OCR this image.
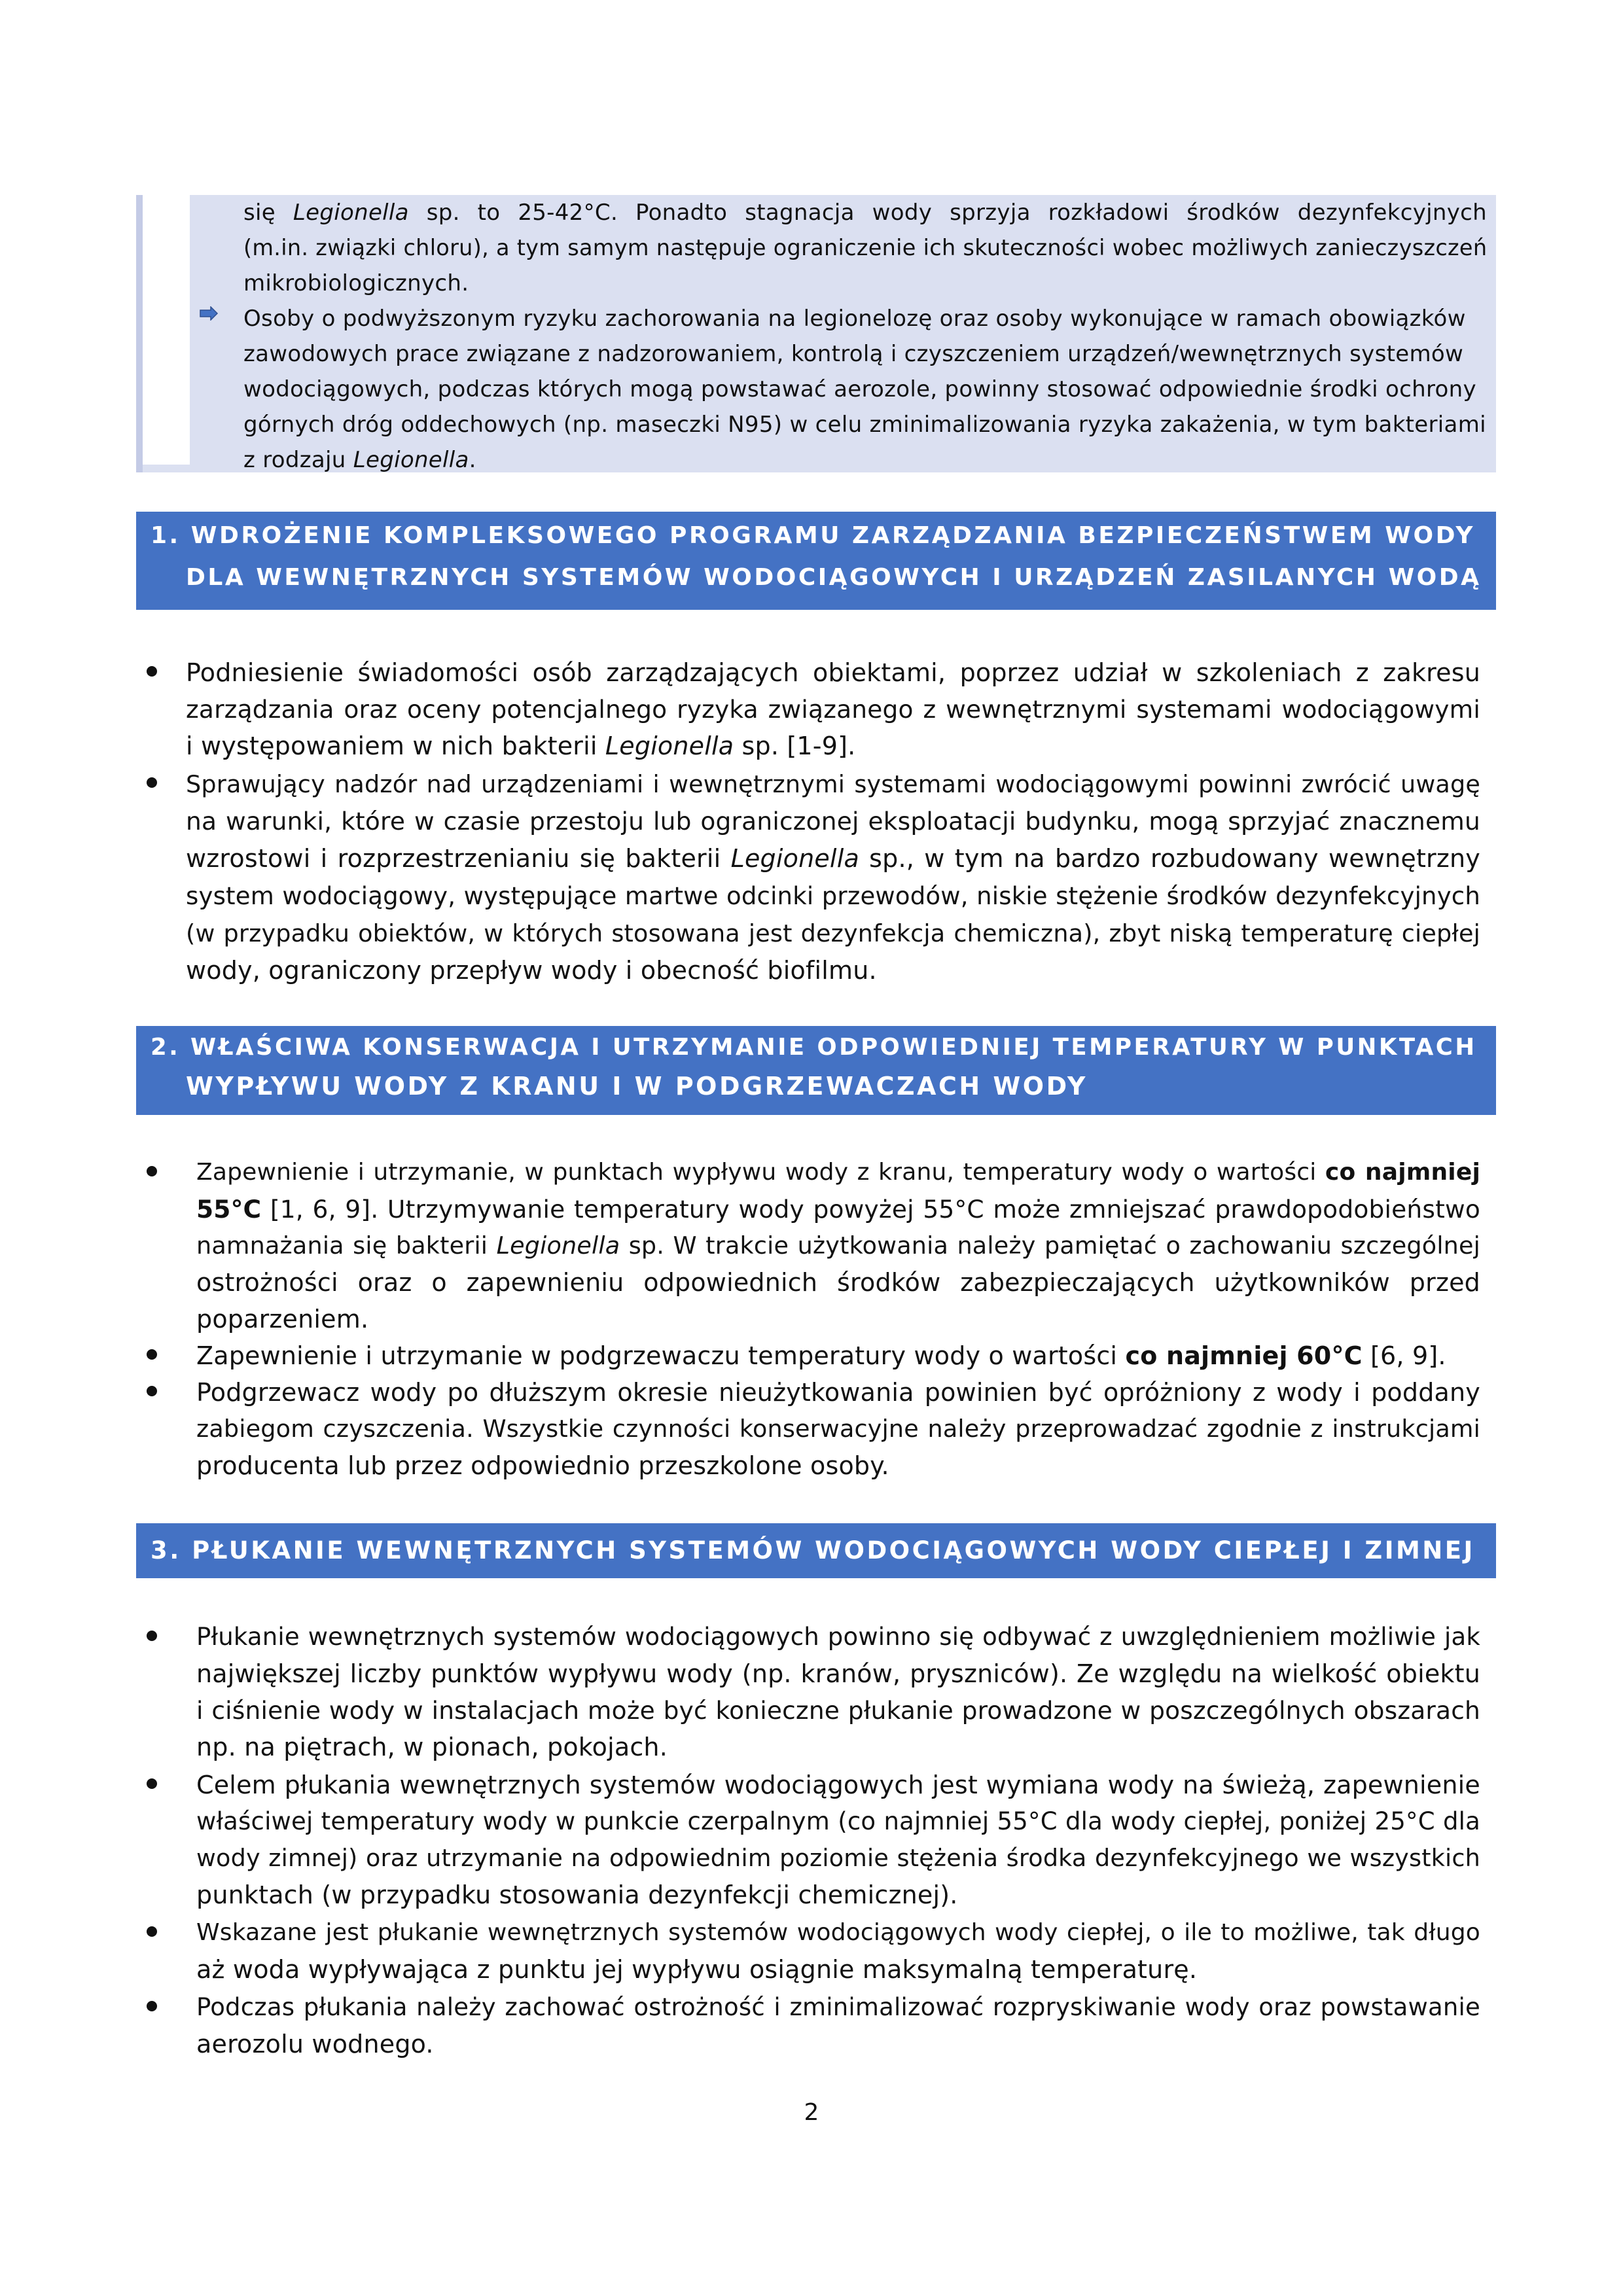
się Legionella sp. to 25-42°C. Ponadto stagnacja wody sprzyja rozkładowi środków dezynfekcyjnych

(m.in. związki chloru), a tym samym następuje ograniczenie ich skuteczności wobec możliwych zanieczyszczeń

mikrobiologicznych.

Osoby o podwyższonym ryzyku zachorowania na legionelozę oraz osoby wykonujące w ramach obowiązków

zawodowych prace związane z nadzorowaniem, kontrolą i czyszczeniem urządzeń/wewnętrznych systemów

wodociągowych, podczas których mogą powstawać aerozole, powinny stosować odpowiednie środki ochrony

górnych dróg oddechowych (np. maseczki N95) w celu zminimalizowania ryzyka zakażenia, w tym bakteriami

z rodzaju Legionella.

1. WDROŻENIE KOMPLEKSOWEGO PROGRAMU ZARZĄDZANIA BEZPIECZEŃSTWEM WODY
DLA WEWNĘTRZNYCH SYSTEMÓW WODOCIĄGOWYCH I URZĄDZEŃ ZASILANYCH WODĄ
Podniesienie świadomości osób zarządzających obiektami, poprzez udział w szkoleniach z zakresu
zarządzania oraz oceny potencjalnego ryzyka związanego z wewnętrznymi systemami wodociągowymi
i występowaniem w nich bakterii Legionella sp. [1-9].
Sprawujący nadzór nad urządzeniami i wewnętrznymi systemami wodociągowymi powinni zwrócić uwagę
na warunki, które w czasie przestoju lub ograniczonej eksploatacji budynku, mogą sprzyjać znacznemu
wzrostowi i rozprzestrzenianiu się bakterii Legionella sp., w tym na bardzo rozbudowany wewnętrzny
system wodociągowy, występujące martwe odcinki przewodów, niskie stężenie środków dezynfekcyjnych
(w przypadku obiektów, w których stosowana jest dezynfekcja chemiczna), zbyt niską temperaturę ciepłej
wody, ograniczony przepływ wody i obecność biofilmu.
2. WŁAŚCIWA KONSERWACJA I UTRZYMANIE ODPOWIEDNIEJ TEMPERATURY W PUNKTACH
WYPŁYWU WODY Z KRANU I W PODGRZEWACZACH WODY
Zapewnienie i utrzymanie, w punktach wypływu wody z kranu, temperatury wody o wartości co najmniej
55°C [1, 6, 9]. Utrzymywanie temperatury wody powyżej 55°C może zmniejszać prawdopodobieństwo
namnażania się bakterii Legionella sp. W trakcie użytkowania należy pamiętać o zachowaniu szczególnej
ostrożności oraz o zapewnieniu odpowiednich środków zabezpieczających użytkowników przed
poparzeniem.
Zapewnienie i utrzymanie w podgrzewaczu temperatury wody o wartości co najmniej 60°C [6, 9].
Podgrzewacz wody po dłuższym okresie nieużytkowania powinien być opróżniony z wody i poddany
zabiegom czyszczenia. Wszystkie czynności konserwacyjne należy przeprowadzać zgodnie z instrukcjami
producenta lub przez odpowiednio przeszkolone osoby.
3. PŁUKANIE WEWNĘTRZNYCH SYSTEMÓW WODOCIĄGOWYCH WODY CIEPŁEJ I ZIMNEJ
Płukanie wewnętrznych systemów wodociągowych powinno się odbywać z uwzględnieniem możliwie jak
największej liczby punktów wypływu wody (np. kranów, pryszniców). Ze względu na wielkość obiektu
i ciśnienie wody w instalacjach może być konieczne płukanie prowadzone w poszczególnych obszarach
np. na piętrach, w pionach, pokojach.
Celem płukania wewnętrznych systemów wodociągowych jest wymiana wody na świeżą, zapewnienie
właściwej temperatury wody w punkcie czerpalnym (co najmniej 55°C dla wody ciepłej, poniżej 25°C dla
wody zimnej) oraz utrzymanie na odpowiednim poziomie stężenia środka dezynfekcyjnego we wszystkich
punktach (w przypadku stosowania dezynfekcji chemicznej).
Wskazane jest płukanie wewnętrznych systemów wodociągowych wody ciepłej, o ile to możliwe, tak długo
aż woda wypływająca z punktu jej wypływu osiągnie maksymalną temperaturę.
Podczas płukania należy zachować ostrożność i zminimalizować rozpryskiwanie wody oraz powstawanie
aerozolu wodnego.
2
